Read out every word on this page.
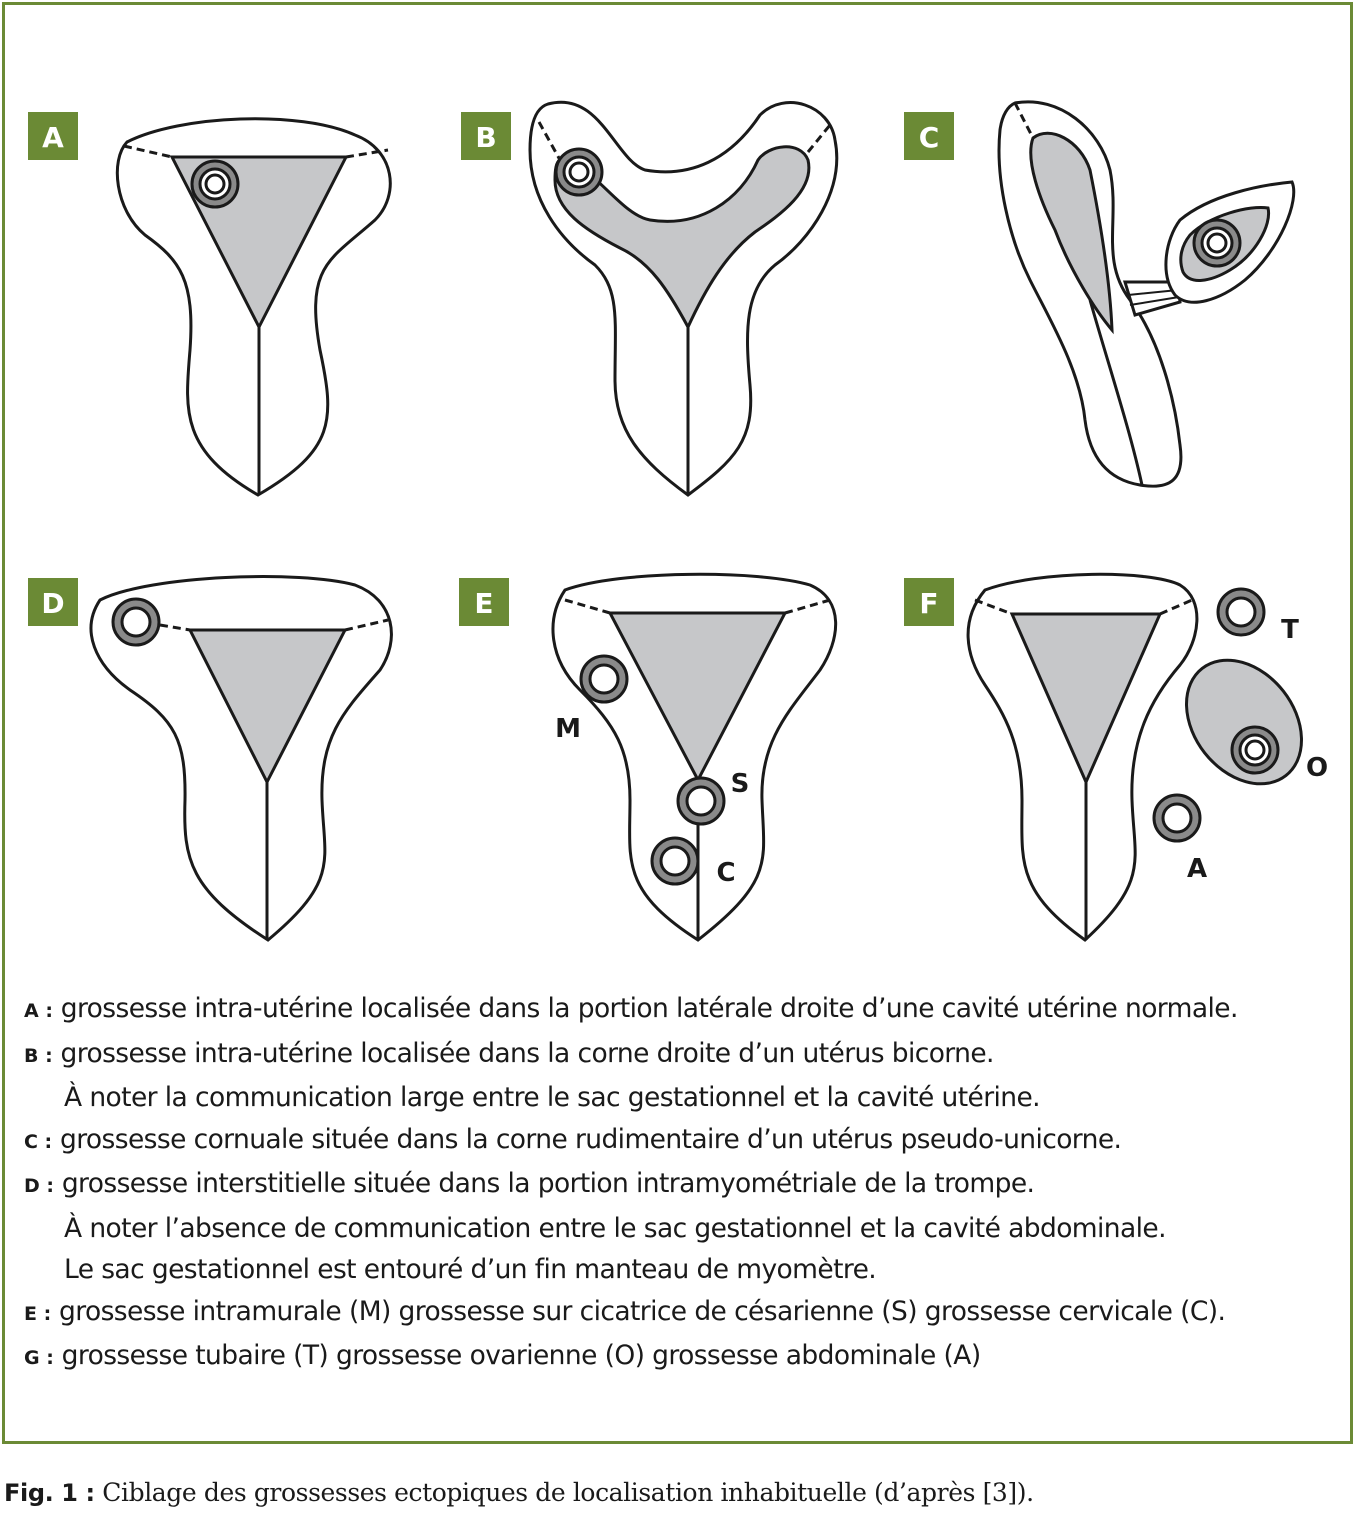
A	B	C
D	E
M
S
C
F
T
O
A
A : grossesse intra-utérine localisée dans la portion latérale droite d’une cavité utérine normale.
B : grossesse intra-utérine localisée dans la corne droite d’un utérus bicorne.
À noter la communication large entre le sac gestationnel et la cavité utérine.
C : grossesse cornuale située dans la corne rudimentaire d’un utérus pseudo-unicorne.
D : grossesse interstitielle située dans la portion intramyométriale de la trompe.
À noter l’absence de communication entre le sac gestationnel et la cavité abdominale.
Le sac gestationnel est entouré d’un fin manteau de myomètre.
E : grossesse intramurale (M) grossesse sur cicatrice de césarienne (S) grossesse cervicale (C).
G : grossesse tubaire (T) grossesse ovarienne (O) grossesse abdominale (A)
Fig. 1 : Ciblage des grossesses ectopiques de localisation inhabituelle (d’après [3]).
